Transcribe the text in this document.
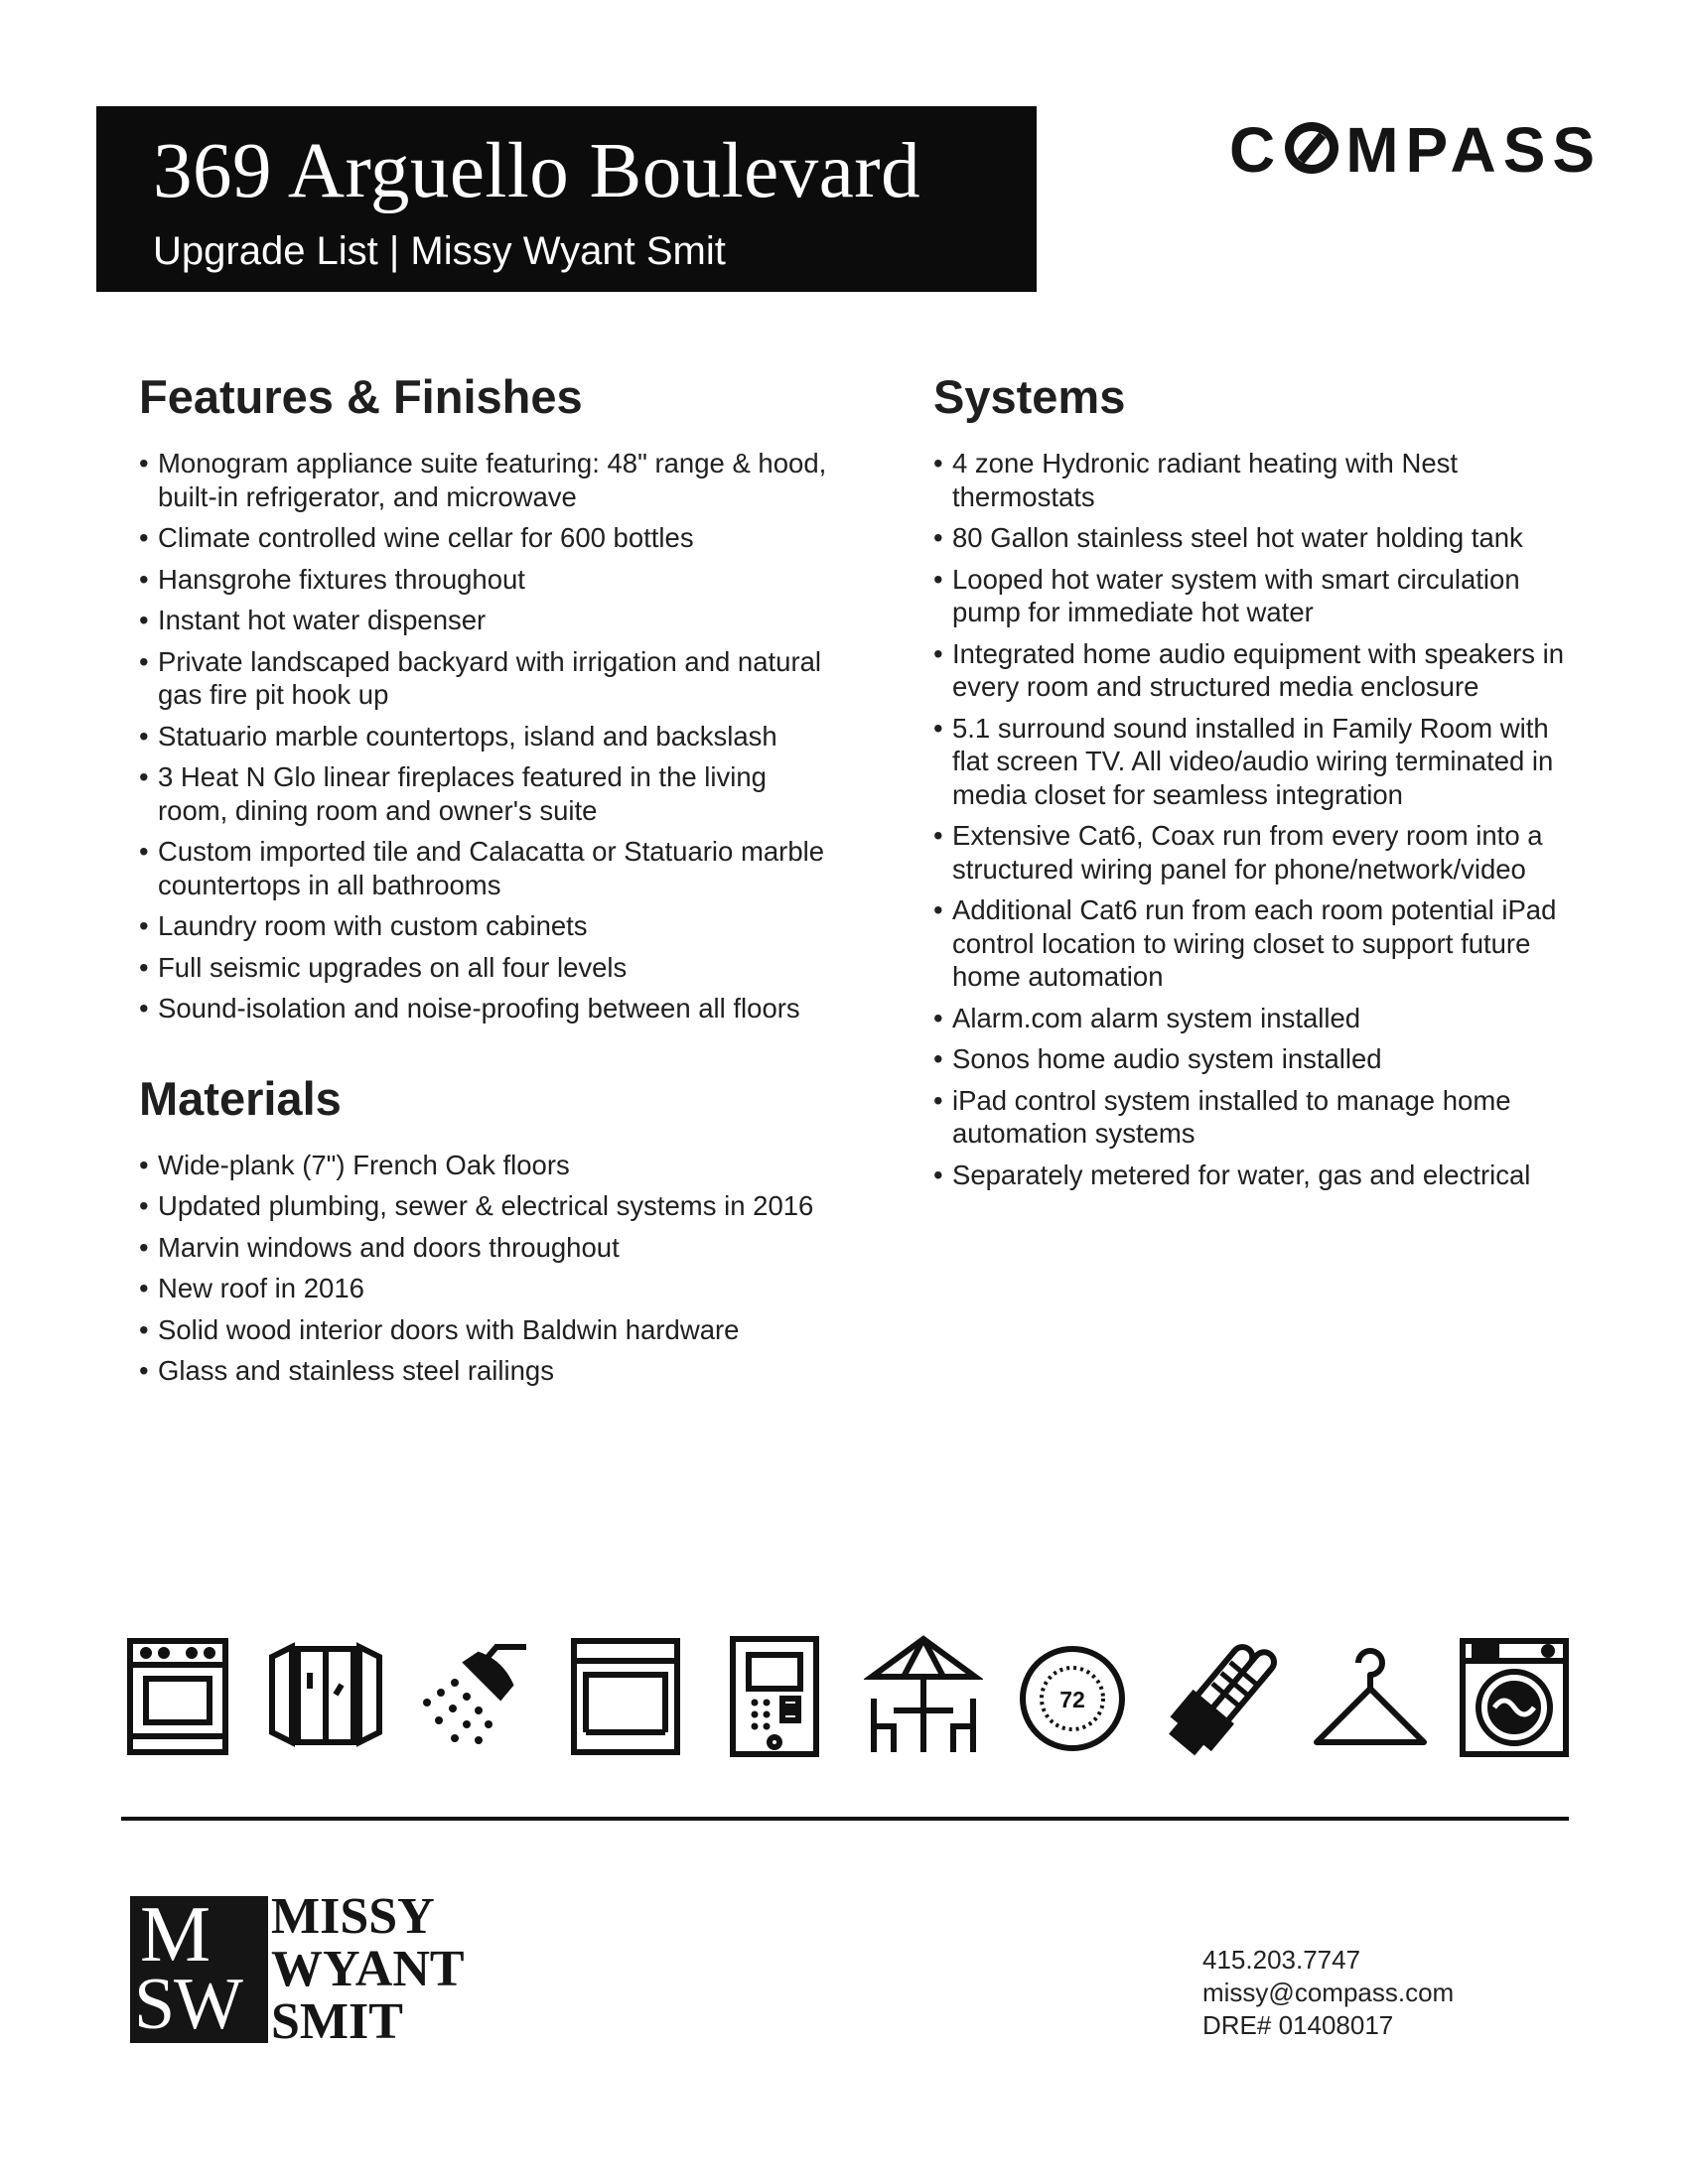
369 Arguello Boulevard
Upgrade List | Missy Wyant Smit
C MPASS
Features & Finishes
• Monogram appliance suite featuring: 48" range & hood, built-in refrigerator, and microwave
• Climate controlled wine cellar for 600 bottles
• Hansgrohe fixtures throughout
• Instant hot water dispenser
• Private landscaped backyard with irrigation and natural gas fire pit hook up
• Statuario marble countertops, island and backslash
• 3 Heat N Glo linear fireplaces featured in the living room, dining room and owner's suite
• Custom imported tile and Calacatta or Statuario marble countertops in all bathrooms
• Laundry room with custom cabinets
• Full seismic upgrades on all four levels
• Sound-isolation and noise-proofing between all floors
Materials
• Wide-plank (7") French Oak floors
• Updated plumbing, sewer & electrical systems in 2016
• Marvin windows and doors throughout
• New roof in 2016
• Solid wood interior doors with Baldwin hardware
• Glass and stainless steel railings
Systems
• 4 zone Hydronic radiant heating with Nest thermostats
• 80 Gallon stainless steel hot water holding tank
• Looped hot water system with smart circulation pump for immediate hot water
• Integrated home audio equipment with speakers in every room and structured media enclosure
• 5.1 surround sound installed in Family Room with flat screen TV. All video/audio wiring terminated in media closet for seamless integration
• Extensive Cat6, Coax run from every room into a structured wiring panel for phone/network/video
• Additional Cat6 run from each room potential iPad control location to wiring closet to support future home automation
• Alarm.com alarm system installed
• Sonos home audio system installed
• iPad control system installed to manage home automation systems
• Separately metered for water, gas and electrical
72
M
S
W
MISSY
WYANT
SMIT
415.203.7747
missy@compass.com
DRE# 01408017
